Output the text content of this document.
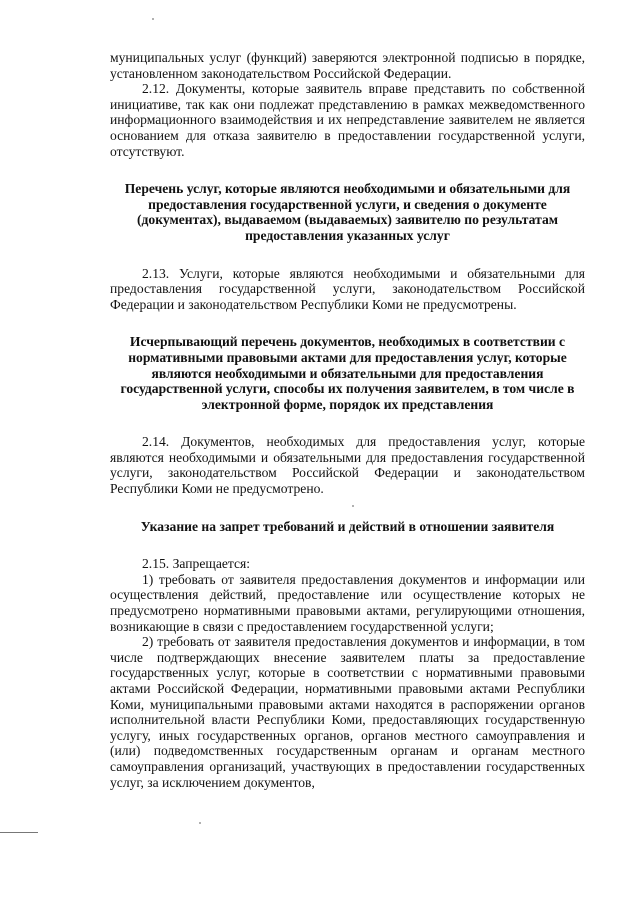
муниципальных услуг (функций) заверяются электронной подписью в порядке, установленном законодательством Российской Федерации.

2.12. Документы, которые заявитель вправе представить по собственной инициативе, так как они подлежат представлению в рамках межведомственного информационного взаимодействия и их непредставление заявителем не является основанием для отказа заявителю в предоставлении государственной услуги, отсутствуют.

Перечень услуг, которые являются необходимыми и обязательными для предоставления государственной услуги, и сведения о документе (документах), выдаваемом (выдаваемых) заявителю по результатам предоставления указанных услуг

2.13. Услуги, которые являются необходимыми и обязательными для предоставления государственной услуги, законодательством Российской Федерации и законодательством Республики Коми не предусмотрены.

Исчерпывающий перечень документов, необходимых в соответствии с нормативными правовыми актами для предоставления услуг, которые являются необходимыми и обязательными для предоставления государственной услуги, способы их получения заявителем, в том числе в электронной форме, порядок их представления

2.14. Документов, необходимых для предоставления услуг, которые являются необходимыми и обязательными для предоставления государственной услуги, законодательством Российской Федерации и законодательством Республики Коми не предусмотрено.

Указание на запрет требований и действий в отношении заявителя

2.15. Запрещается:

1) требовать от заявителя предоставления документов и информации или осуществления действий, предоставление или осуществление которых не предусмотрено нормативными правовыми актами, регулирующими отношения, возникающие в связи с предоставлением государственной услуги;

2) требовать от заявителя предоставления документов и информации, в том числе подтверждающих внесение заявителем платы за предоставление государственных услуг, которые в соответствии с нормативными правовыми актами Российской Федерации, нормативными правовыми актами Республики Коми, муниципальными правовыми актами находятся в распоряжении органов исполнительной власти Республики Коми, предоставляющих государственную услугу, иных государственных органов, органов местного самоуправления и (или) подведомственных государственным органам и органам местного самоуправления организаций, участвующих в предоставлении государственных услуг, за исключением документов,
